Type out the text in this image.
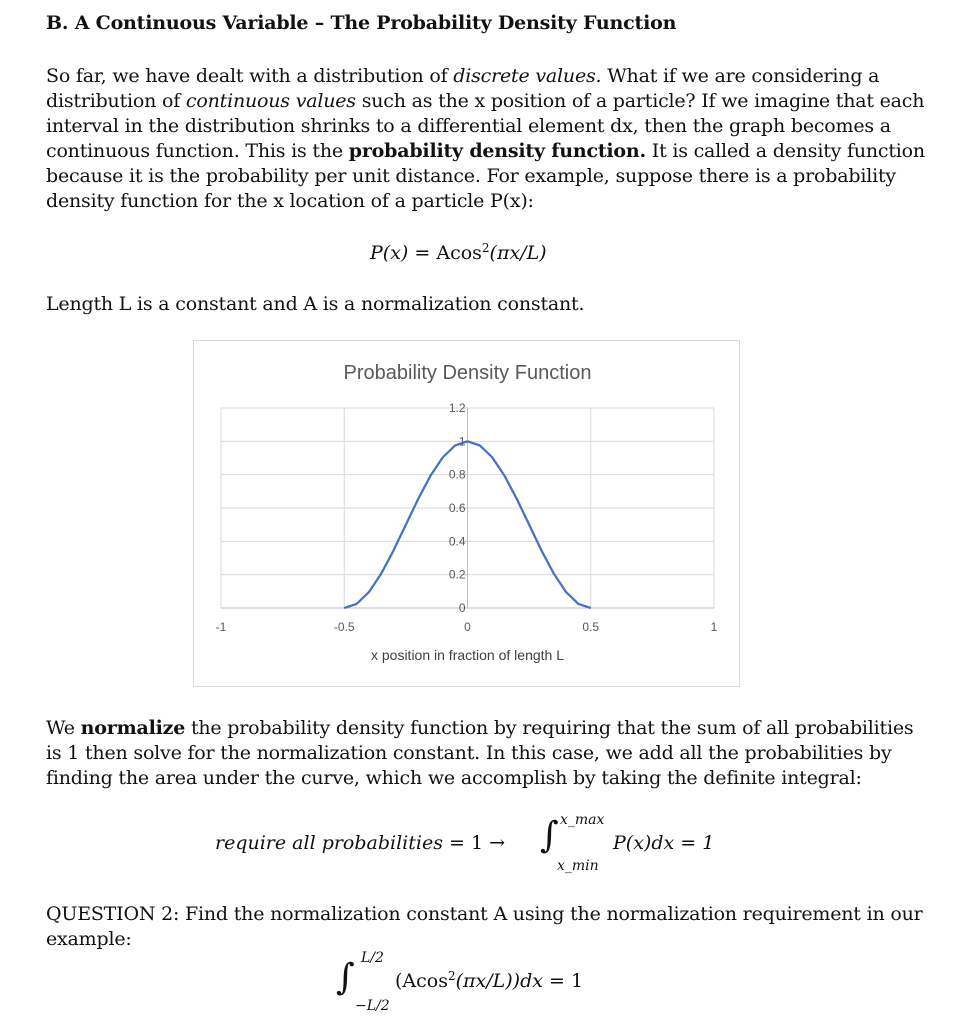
B. A Continuous Variable – The Probability Density Function
So far, we have dealt with a distribution of discrete values. What if we are considering a distribution of continuous values such as the x position of a particle? If we imagine that each interval in the distribution shrinks to a differential element dx, then the graph becomes a continuous function. This is the probability density function. It is called a density function because it is the probability per unit distance. For example, suppose there is a probability density function for the x location of a particle P(x):
P(x) = Acos$^2$(πx/L)
Length L is a constant and A is a normalization constant.
Probability Density Function
0
0.2
0.4
0.6
0.8
1
1.2
-1	-0.5	0	0.5	1
x position in fraction of length L
We normalize the probability density function by requiring that the sum of all probabilities is 1 then solve for the normalization constant. In this case, we add all the probabilities by finding the area under the curve, which we accomplish by taking the definite integral:
require all probabilities = 1 → ∫ x_max
x_min
P(x)dx = 1
QUESTION 2: Find the normalization constant A using the normalization requirement in our example:
∫ L/2
−L/2
(Acos$^2$(πx/L))dx = 1
